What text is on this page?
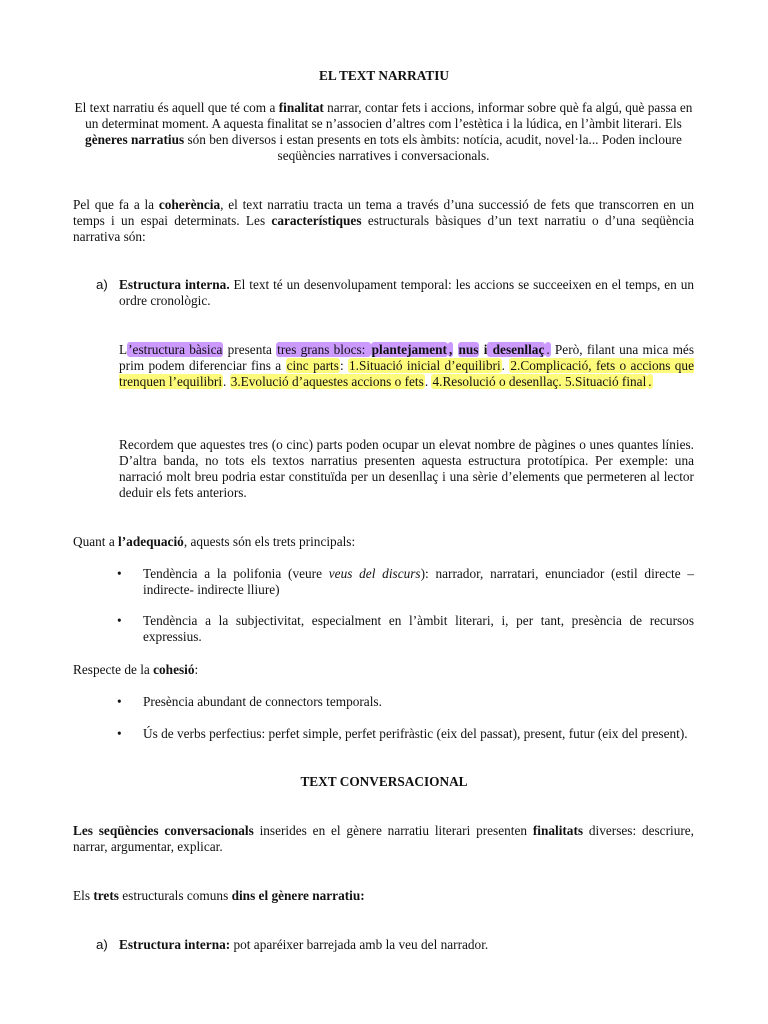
EL TEXT NARRATIU

El text narratiu és aquell que té com a finalitat narrar, contar fets i accions, informar sobre què fa algú, què passa en un determinat moment. A aquesta finalitat se n’associen d’altres com l’estètica i la lúdica, en l’àmbit literari. Els gèneres narratius són ben diversos i estan presents en tots els àmbits: notícia, acudit, novel·la... Poden incloure seqüències narratives i conversacionals.

Pel que fa a la coherència, el text narratiu tracta un tema a través d’una successió de fets que transcorren en un temps i un espai determinats. Les característiques estructurals bàsiques d’un text narratiu o d’una seqüència narrativa són:

a) Estructura interna. El text té un desenvolupament temporal: les accions se succeeixen en el temps, en un ordre cronològic.

L’estructura bàsica presenta tres grans blocs: plantejament , nus i desenllaç . Però, filant una mica més prim podem diferenciar fins a cinc parts: 1.Situació inicial d’equilibri. 2.Complicació, fets o accions que trenquen l’equilibri. 3.Evolució d’aquestes accions o fets. 4.Resolució o desenllaç. 5.Situació final .

Recordem que aquestes tres (o cinc) parts poden ocupar un elevat nombre de pàgines o unes quantes línies. D’altra banda, no tots els textos narratius presenten aquesta estructura prototípica. Per exemple: una narració molt breu podria estar constituïda per un desenllaç i una sèrie d’elements que permeteren al lector deduir els fets anteriors.

Quant a l’adequació, aquests són els trets principals:

• Tendència a la polifonia (veure veus del discurs): narrador, narratari, enunciador (estil directe – indirecte- indirecte lliure)

• Tendència a la subjectivitat, especialment en l’àmbit literari, i, per tant, presència de recursos expressius.

Respecte de la cohesió:

• Presència abundant de connectors temporals.

• Ús de verbs perfectius: perfet simple, perfet perifràstic (eix del passat), present, futur (eix del present).

TEXT CONVERSACIONAL

Les seqüències conversacionals inserides en el gènere narratiu literari presenten finalitats diverses: descriure, narrar, argumentar, explicar.

Els trets estructurals comuns dins el gènere narratiu:

a) Estructura interna: pot aparéixer barrejada amb la veu del narrador.
